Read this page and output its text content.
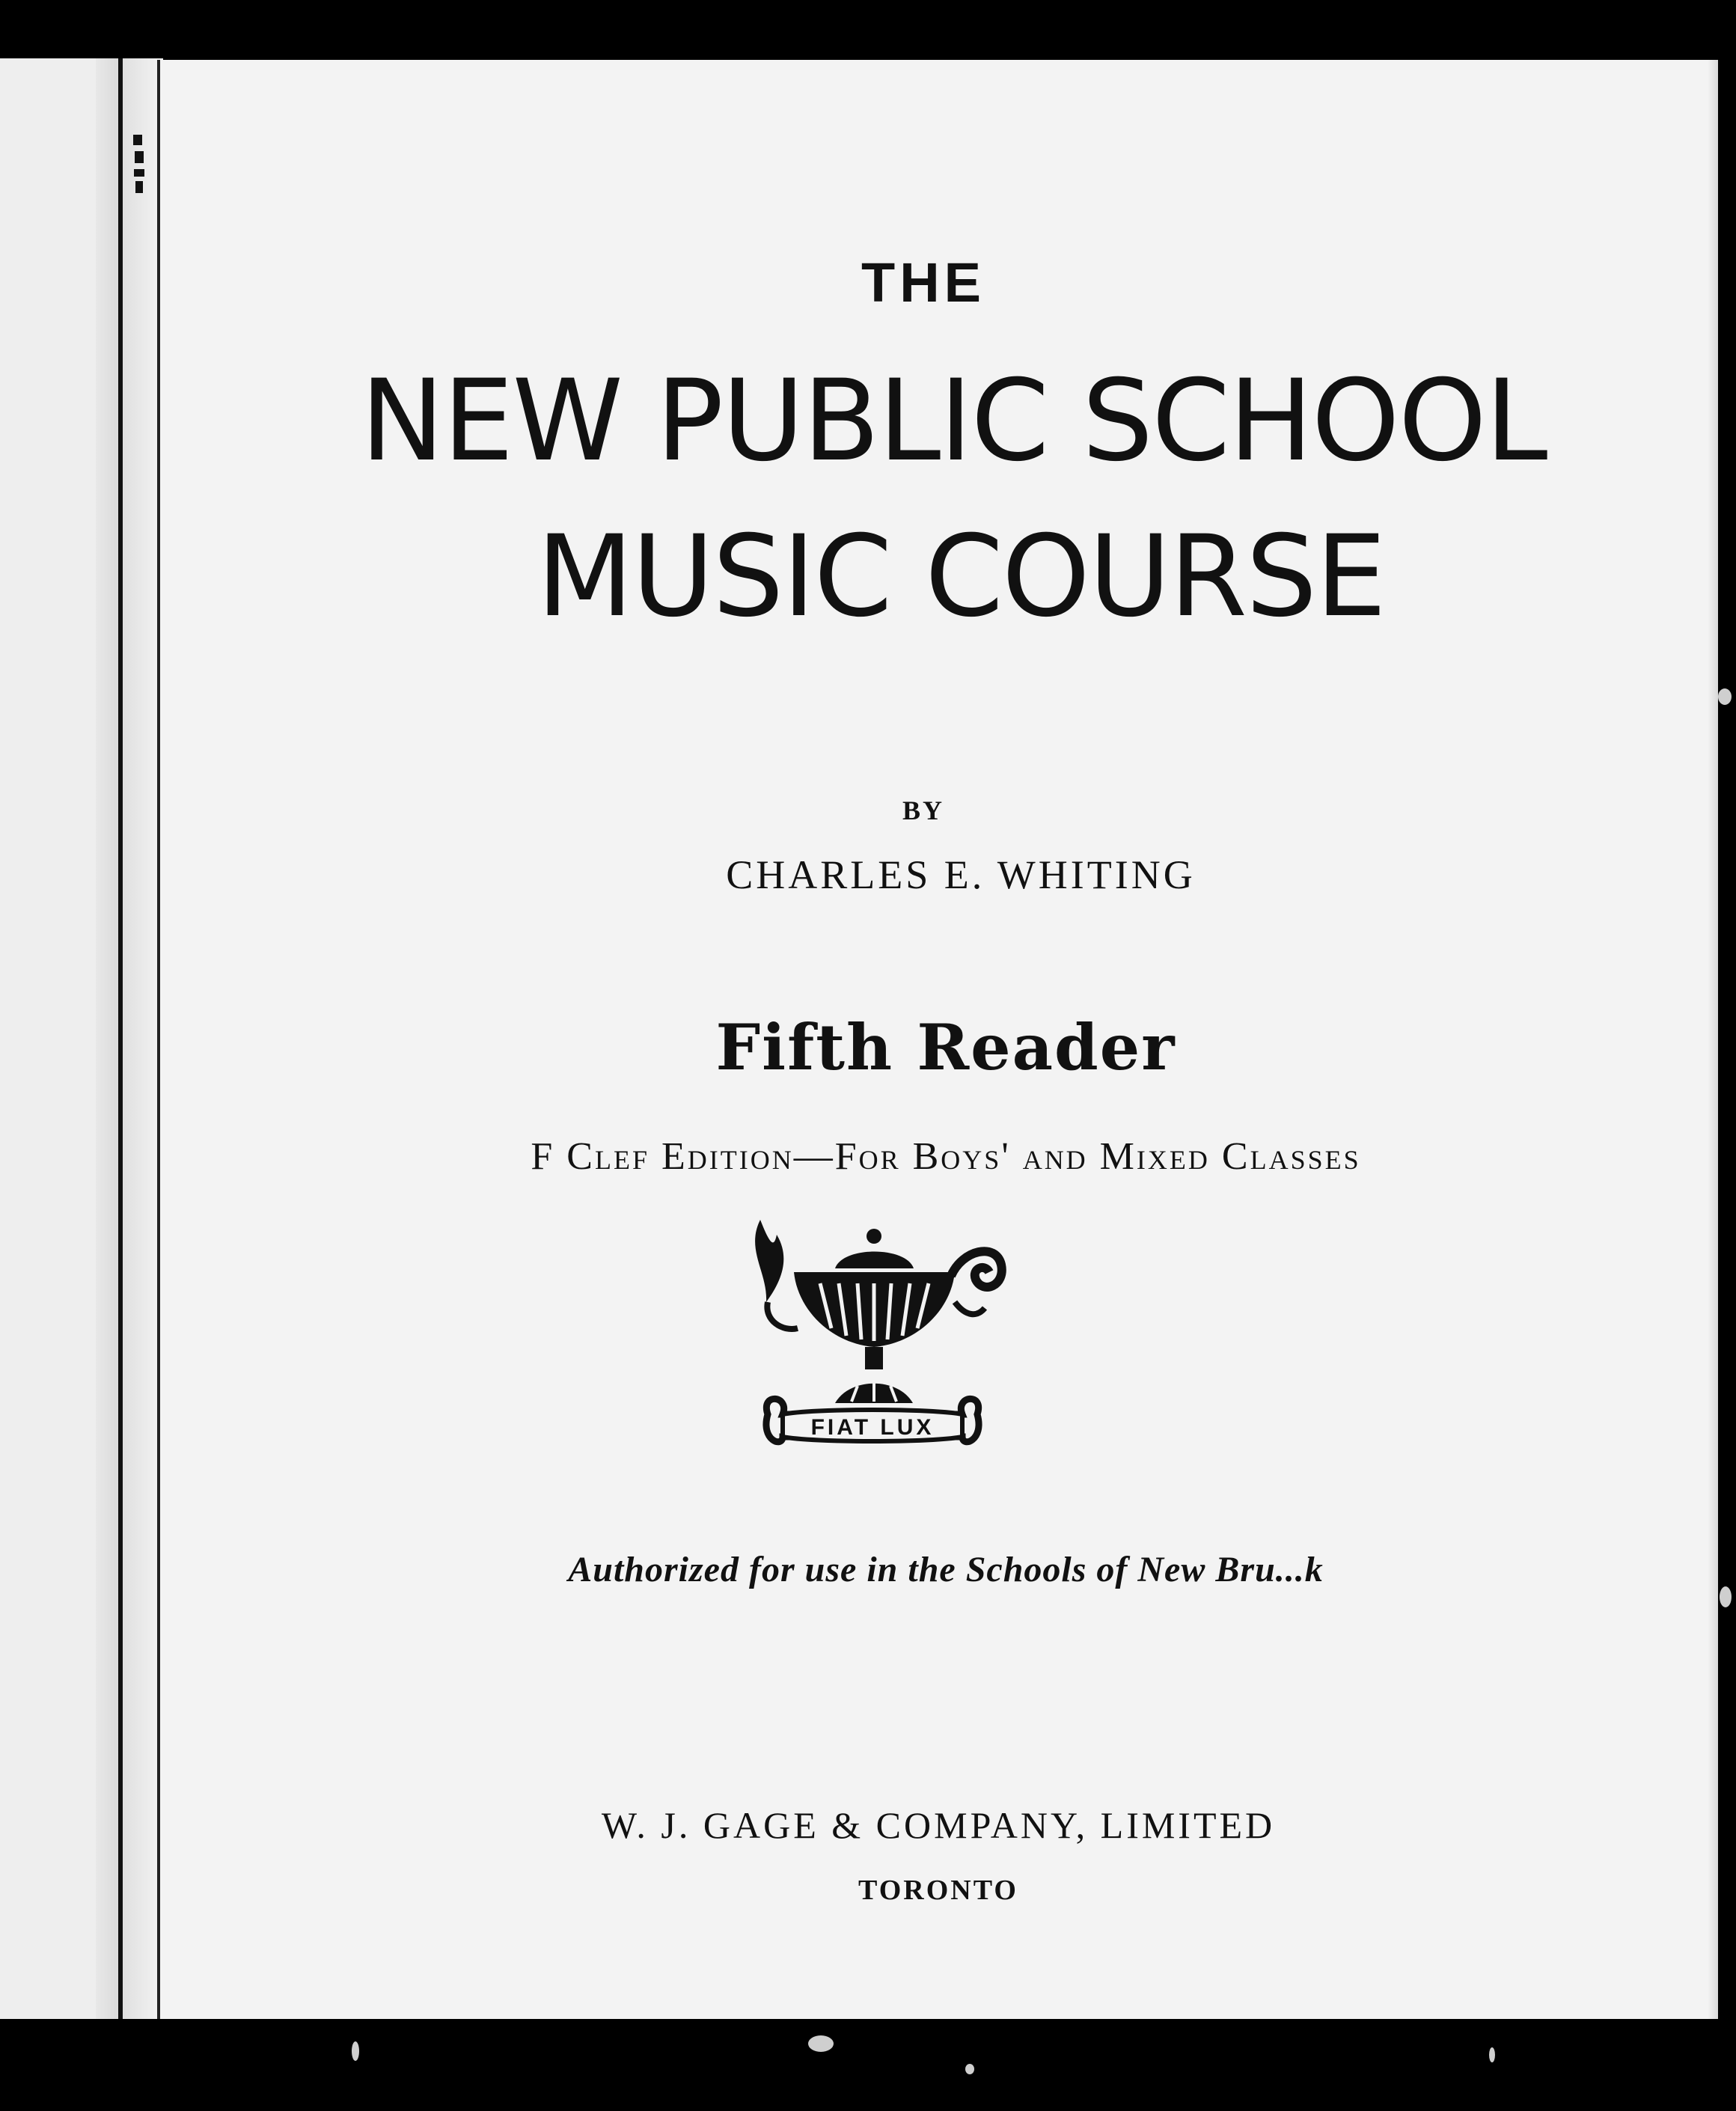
THE
NEW PUBLIC SCHOOL
MUSIC COURSE
BY
CHARLES E. WHITING
Fifth Reader
F Clef Edition—For Boys' and Mixed Classes
FIAT LUX
Authorized for use in the Schools of New Bru...k
W. J. GAGE & COMPANY, LIMITED
TORONTO
